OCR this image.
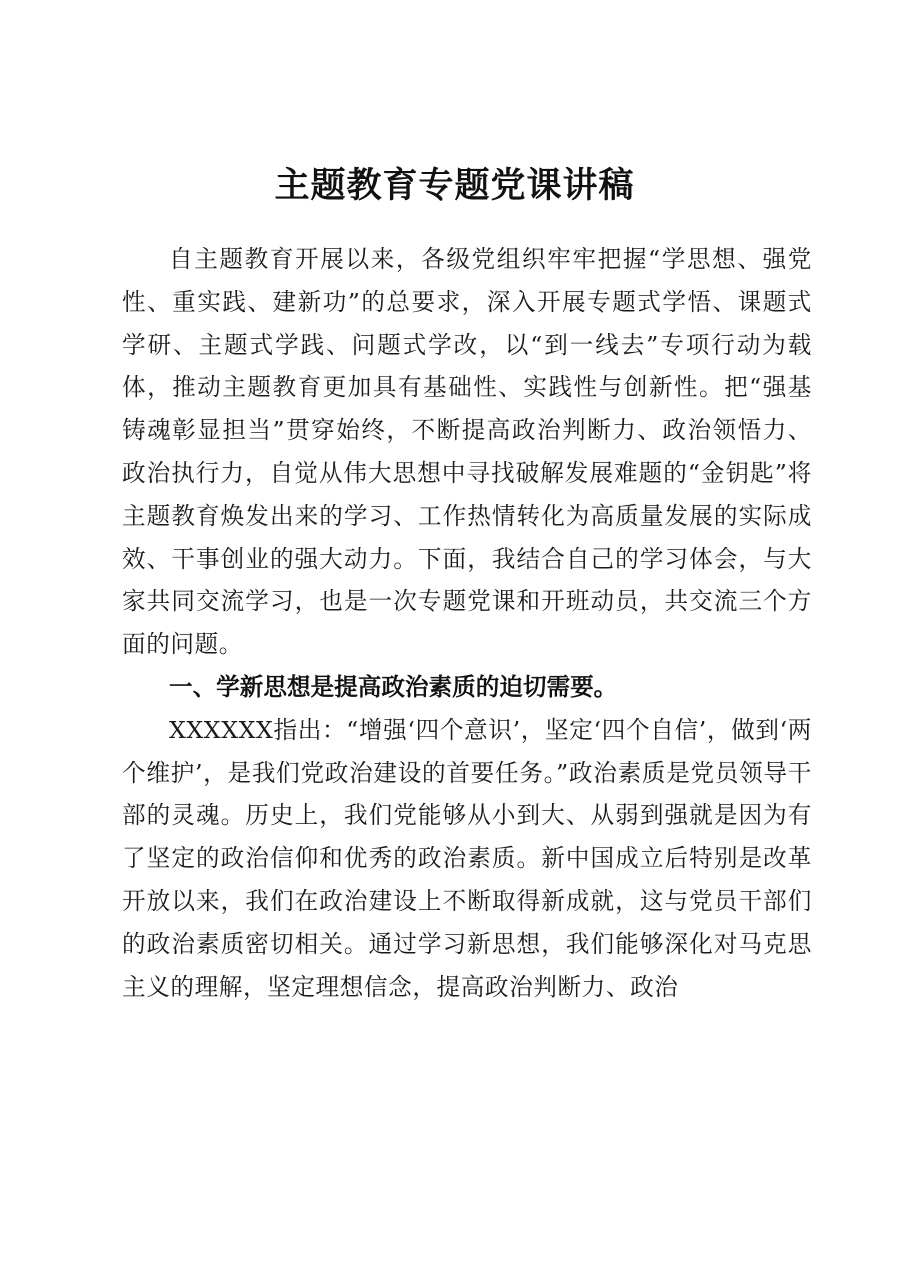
主题教育专题党课讲稿

自主题教育开展以来，各级党组织牢牢把握“学思想、强党性、重实践、建新功”的总要求，深入开展专题式学悟、课题式学研、主题式学践、问题式学改，以“到一线去”专项行动为载体，推动主题教育更加具有基础性、实践性与创新性。把“强基铸魂彰显担当”贯穿始终，不断提高政治判断力、政治领悟力、政治执行力，自觉从伟大思想中寻找破解发展难题的“金钥匙”将主题教育焕发出来的学习、工作热情转化为高质量发展的实际成效、干事创业的强大动力。下面，我结合自己的学习体会，与大家共同交流学习，也是一次专题党课和开班动员，共交流三个方面的问题。

一、学新思想是提高政治素质的迫切需要。

XXXXXX指出：“增强‘四个意识’，坚定‘四个自信’，做到‘两个维护’，是我们党政治建设的首要任务。”政治素质是党员领导干部的灵魂。历史上，我们党能够从小到大、从弱到强就是因为有了坚定的政治信仰和优秀的政治素质。新中国成立后特别是改革开放以来，我们在政治建设上不断取得新成就，这与党员干部们的政治素质密切相关。通过学习新思想，我们能够深化对马克思主义的理解，坚定理想信念，提高政治判断力、政治
